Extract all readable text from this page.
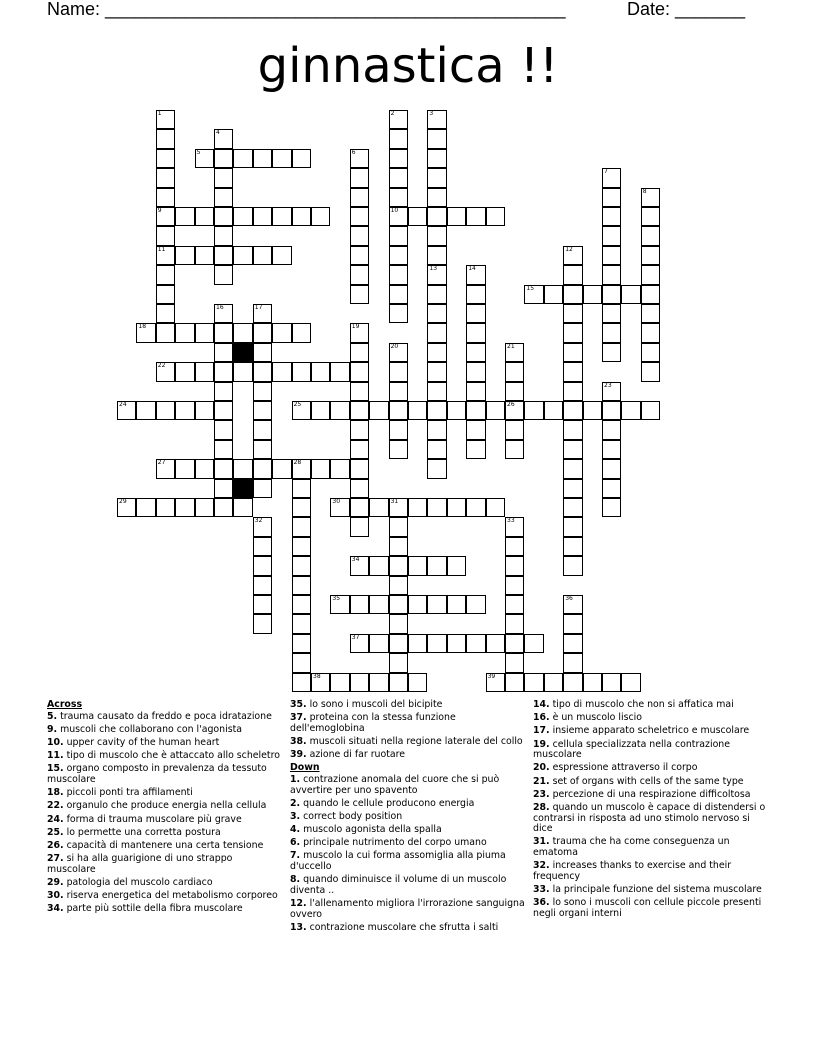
Name: ______________________________________________	Date: _______
ginnastica !!
1
9
11
2
10
3
13
4
5	6
7
8
12
14
15
16	17
18	19
20	21
26
22
23
24	25
27	28
29	30	31
32	33
34
35	36
37
38	39
Across
5. trauma causato da freddo e poca idratazione
9. muscoli che collaborano con l'agonista
10. upper cavity of the human heart
11. tipo di muscolo che è attaccato allo scheletro
15. organo composto in prevalenza da tessuto muscolare
18. piccoli ponti tra affilamenti
22. organulo che produce energia nella cellula
24. forma di trauma muscolare più grave
25. lo permette una corretta postura
26. capacità di mantenere una certa tensione
27. si ha alla guarigione di uno strappo muscolare
29. patologia del muscolo cardiaco
30. riserva energetica del metabolismo corporeo
34. parte più sottile della fibra muscolare
35. lo sono i muscoli del bicipite
37. proteina con la stessa funzione dell'emoglobina
38. muscoli situati nella regione laterale del collo
39. azione di far ruotare
Down
1. contrazione anomala del cuore che si può avvertire per uno spavento
2. quando le cellule producono energia
3. correct body position
4. muscolo agonista della spalla
6. principale nutrimento del corpo umano
7. muscolo la cui forma assomiglia alla piuma d'uccello
8. quando diminuisce il volume di un muscolo diventa ..
12. l'allenamento migliora l'irrorazione sanguigna ovvero
13. contrazione muscolare che sfrutta i salti
14. tipo di muscolo che non si affatica mai
16. è un muscolo liscio
17. insieme apparato scheletrico e muscolare
19. cellula specializzata nella contrazione muscolare
20. espressione attraverso il corpo
21. set of organs with cells of the same type
23. percezione di una respirazione difficoltosa
28. quando un muscolo è capace di distendersi o contrarsi in risposta ad uno stimolo nervoso si dice
31. trauma che ha come conseguenza un ematoma
32. increases thanks to exercise and their frequency
33. la principale funzione del sistema muscolare
36. lo sono i muscoli con cellule piccole presenti negli organi interni
